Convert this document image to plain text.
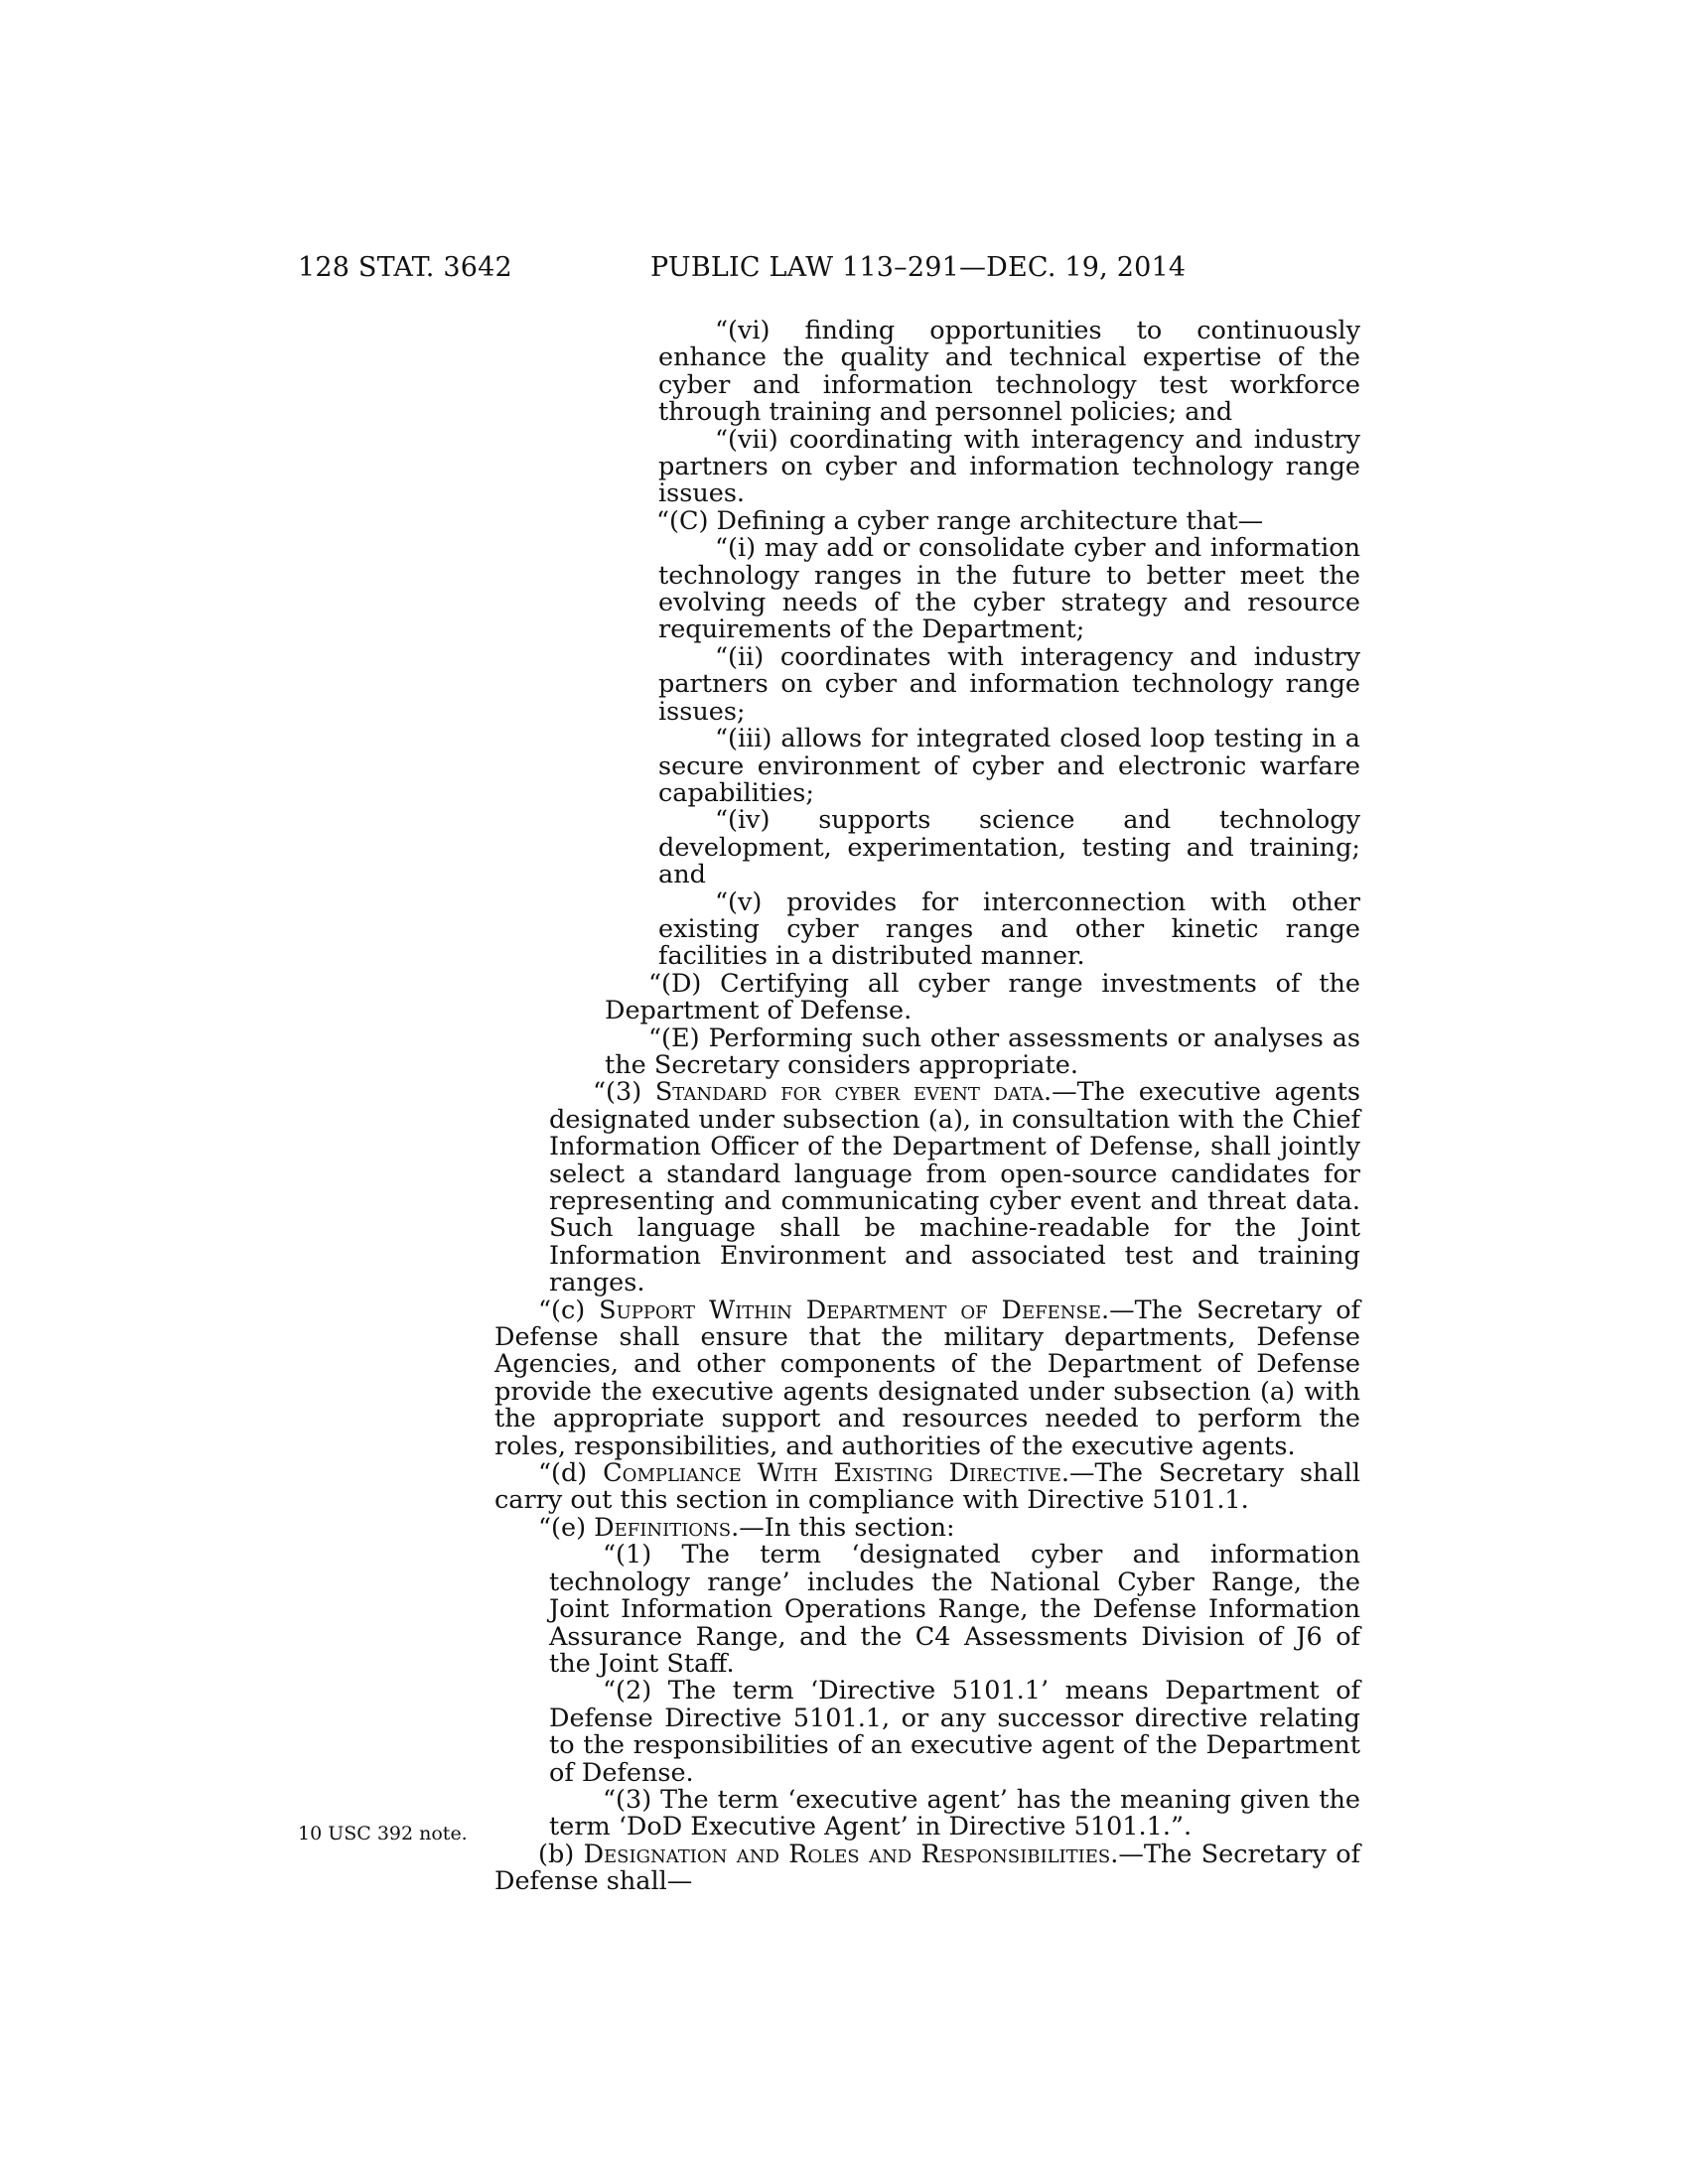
128 STAT. 3642	PUBLIC LAW 113–291—DEC. 19, 2014

“(vi) finding opportunities to continuously enhance the quality and technical expertise of the cyber and information technology test workforce through training and personnel policies; and

“(vii) coordinating with interagency and industry partners on cyber and information technology range issues.

“(C) Defining a cyber range architecture that—

“(i) may add or consolidate cyber and information technology ranges in the future to better meet the evolving needs of the cyber strategy and resource requirements of the Department;

“(ii) coordinates with interagency and industry partners on cyber and information technology range issues;

“(iii) allows for integrated closed loop testing in a secure environment of cyber and electronic warfare capabilities;

“(iv) supports science and technology development, experimentation, testing and training; and

“(v) provides for interconnection with other existing cyber ranges and other kinetic range facilities in a distributed manner.

“(D) Certifying all cyber range investments of the Department of Defense.

“(E) Performing such other assessments or analyses as the Secretary considers appropriate.

“(3) Standard for cyber event data.—The executive agents designated under subsection (a), in consultation with the Chief Information Officer of the Department of Defense, shall jointly select a standard language from open-source candidates for representing and communicating cyber event and threat data. Such language shall be machine-readable for the Joint Information Environment and associated test and training ranges.

“(c) Support Within Department of Defense.—The Secretary of Defense shall ensure that the military departments, Defense Agencies, and other components of the Department of Defense provide the executive agents designated under subsection (a) with the appropriate support and resources needed to perform the roles, responsibilities, and authorities of the executive agents.

“(d) Compliance With Existing Directive.—The Secretary shall carry out this section in compliance with Directive 5101.1.

“(e) Definitions.—In this section:

“(1) The term ‘designated cyber and information technology range’ includes the National Cyber Range, the Joint Information Operations Range, the Defense Information Assurance Range, and the C4 Assessments Division of J6 of the Joint Staff.

“(2) The term ‘Directive 5101.1’ means Department of Defense Directive 5101.1, or any successor directive relating to the responsibilities of an executive agent of the Department of Defense.

“(3) The term ‘executive agent’ has the meaning given the term ‘DoD Executive Agent’ in Directive 5101.1.”.

(b) Designation and Roles and Responsibilities.—The Secretary of Defense shall—

10 USC 392 note.
